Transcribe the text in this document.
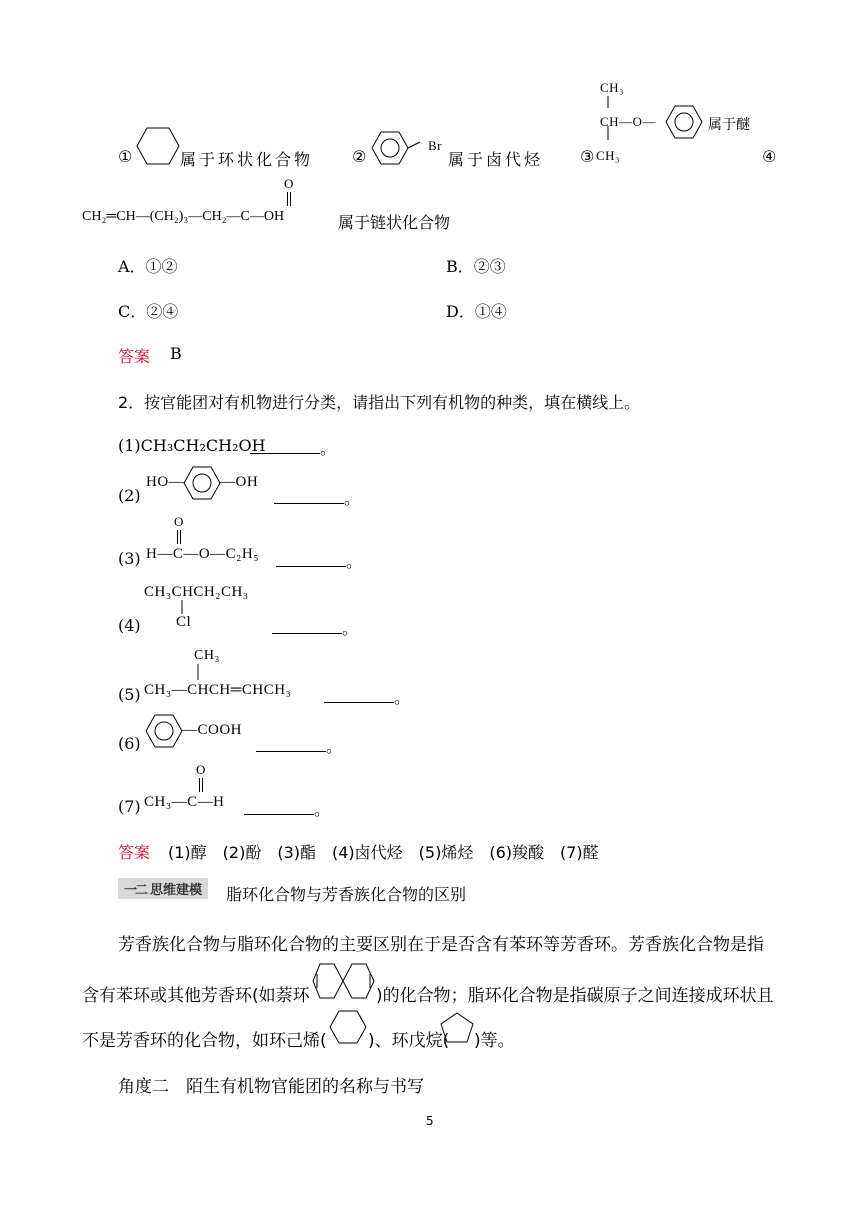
①	属于环状化合物 ②
Br
属于卤代烃 ③
CH₃
CH—O—	属于醚
CH₃	④
O
CH₂═CH—(CH₂)₃—CH₂—C—OH	属于链状化合物
A．①②	B．②③
C．②④	D．①④
答案 B
2．按官能团对有机物进行分类，请指出下列有机物的种类，填在横线上。
(1)CH₃CH₂CH₂OH	。
(2)
HO— —OH
。
O
(3) H—C—O—C₂H₅	。
CH₃CHCH₂CH₃
(4) Cl	。
CH₃
(5) CH₃—CHCH═CHCH₃	。
(6)
—COOH
。
O
(7) CH₃—C—H	。
答案 (1)醇　(2)酚　(3)酯　(4)卤代烃　(5)烯烃　(6)羧酸　(7)醛
一二 思维建模	脂环化合物与芳香族化合物的区别
芳香族化合物与脂环化合物的主要区别在于是否含有苯环等芳香环。芳香族化合物是指
含有苯环或其他芳香环(如萘环	)的化合物；脂环化合物是指碳原子之间连接成环状且
不是芳香环的化合物，如环己烯( )、环戊烷( )等。
角度二　陌生有机物官能团的名称与书写
5
